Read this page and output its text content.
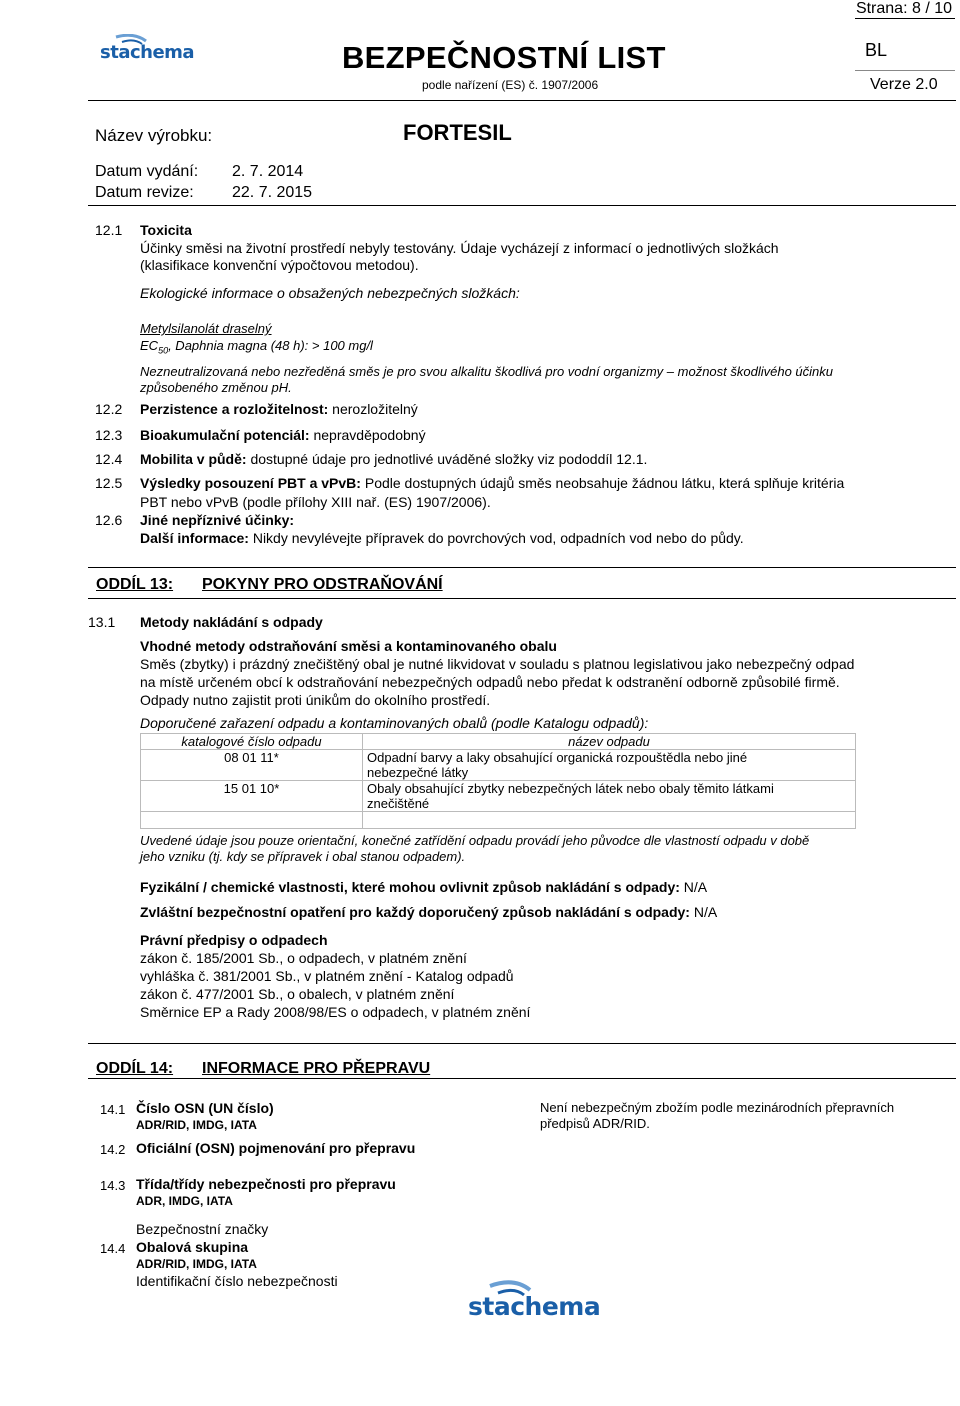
Strana: 8 / 10
stachema	BEZPEČNOSTNÍ LIST
podle nařízení (ES) č. 1907/2006
BL
Verze 2.0
Název výrobku:	FORTESIL
Datum vydání: 2. 7. 2014
Datum revize: 22. 7. 2015
12.1 Toxicita
Účinky směsi na životní prostředí nebyly testovány. Údaje vycházejí z informací o jednotlivých složkách
(klasifikace konvenční výpočtovou metodou).
Ekologické informace o obsažených nebezpečných složkách:
Metylsilanolát draselný
$EC_{50}$, Daphnia magna (48 h): > 100 mg/l
Nezneutralizovaná nebo nezředěná směs je pro svou alkalitu škodlivá pro vodní organizmy – možnost škodlivého účinku
způsobeného změnou pH.
12.2 Perzistence a rozložitelnost: nerozložitelný
12.3 Bioakumulační potenciál: nepravděpodobný
12.4 Mobilita v půdě: dostupné údaje pro jednotlivé uváděné složky viz pododdíl 12.1.
12.5 Výsledky posouzení PBT a vPvB: Podle dostupných údajů směs neobsahuje žádnou látku, která splňuje kritéria
PBT nebo vPvB (podle přílohy XIII nař. (ES) 1907/2006).
12.6 Jiné nepříznivé účinky:
Další informace: Nikdy nevylévejte přípravek do povrchových vod, odpadních vod nebo do půdy.
ODDÍL 13: POKYNY PRO ODSTRAŇOVÁNÍ
13.1 Metody nakládání s odpady
Vhodné metody odstraňování směsi a kontaminovaného obalu
Směs (zbytky) i prázdný znečištěný obal je nutné likvidovat v souladu s platnou legislativou jako nebezpečný odpad
na místě určeném obcí k odstraňování nebezpečných odpadů nebo předat k odstranění odborně způsobilé firmě.
Odpady nutno zajistit proti únikům do okolního prostředí.
Doporučené zařazení odpadu a kontaminovaných obalů (podle Katalogu odpadů):
katalogové číslo odpadu	název odpadu
08 01 11*	Odpadní barvy a laky obsahující organická rozpouštědla nebo jiné
nebezpečné látky
15 01 10*	Obaly obsahující zbytky nebezpečných látek nebo obaly těmito látkami
znečištěné

Uvedené údaje jsou pouze orientační, konečné zatřídění odpadu provádí jeho původce dle vlastností odpadu v době
jeho vzniku (tj. kdy se přípravek i obal stanou odpadem).
Fyzikální / chemické vlastnosti, které mohou ovlivnit způsob nakládání s odpady: N/A
Zvláštní bezpečnostní opatření pro každý doporučený způsob nakládání s odpady: N/A
Právní předpisy o odpadech
zákon č. 185/2001 Sb., o odpadech, v platném znění
vyhláška č. 381/2001 Sb., v platném znění - Katalog odpadů
zákon č. 477/2001 Sb., o obalech, v platném znění
Směrnice EP a Rady 2008/98/ES o odpadech, v platném znění
ODDÍL 14: INFORMACE PRO PŘEPRAVU
14.1 Číslo OSN (UN číslo)
ADR/RID, IMDG, IATA
14.2 Oficiální (OSN) pojmenování pro přepravu
14.3 Třída/třídy nebezpečnosti pro přepravu
ADR, IMDG, IATA
Bezpečnostní značky
14.4 Obalová skupina
ADR/RID, IMDG, IATA
Identifikační číslo nebezpečnosti
Není nebezpečným zbožím podle mezinárodních přepravních
předpisů ADR/RID.
stachema
